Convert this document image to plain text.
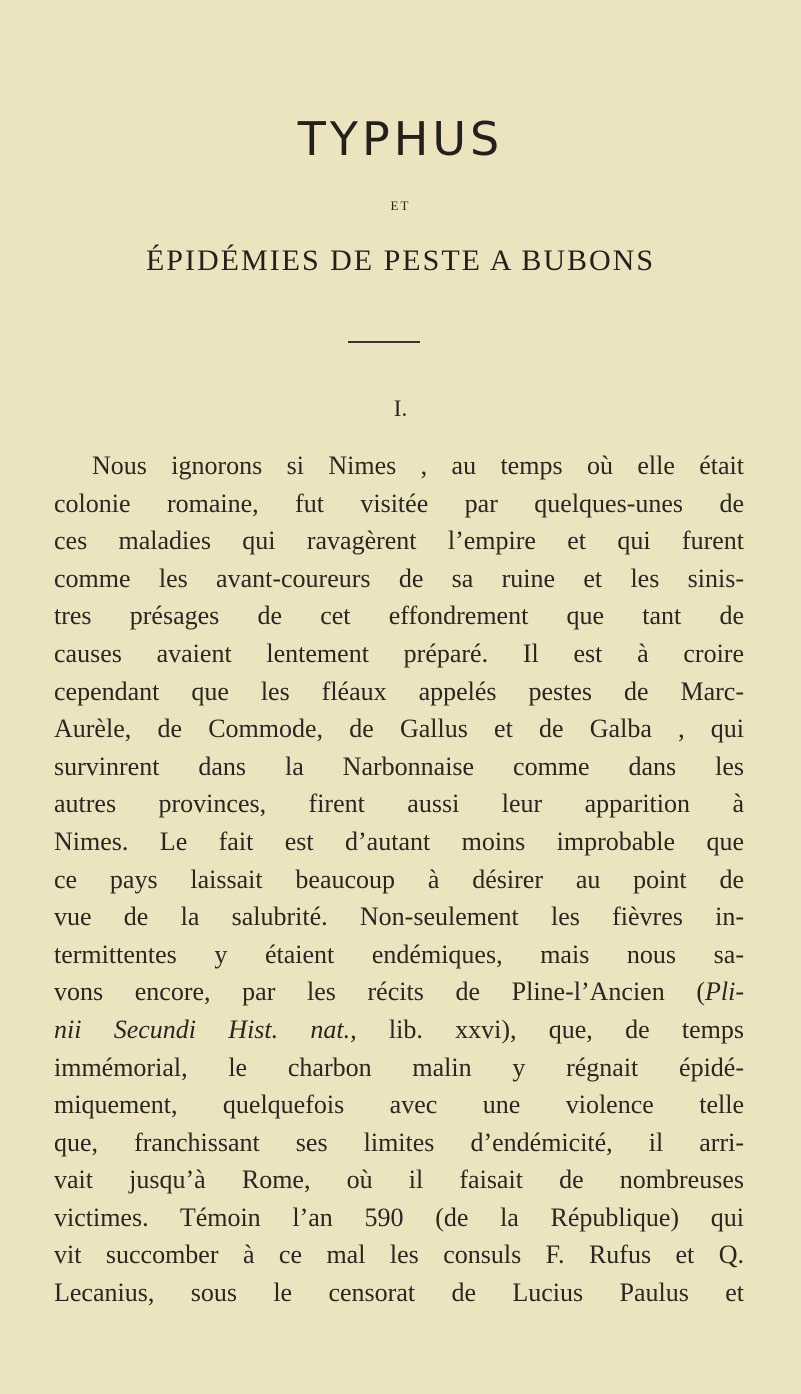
TYPHUS
ET
ÉPIDÉMIES DE PESTE A BUBONS
I.
Nous ignorons si Nimes , au temps où elle était
colonie romaine, fut visitée par quelques-unes de
ces maladies qui ravagèrent l’empire et qui furent
comme les avant-coureurs de sa ruine et les sinis-
tres présages de cet effondrement que tant de
causes avaient lentement préparé. Il est à croire
cependant que les fléaux appelés pestes de Marc-
Aurèle, de Commode, de Gallus et de Galba , qui
survinrent dans la Narbonnaise comme dans les
autres provinces, firent aussi leur apparition à
Nimes. Le fait est d’autant moins improbable que
ce pays laissait beaucoup à désirer au point de
vue de la salubrité. Non-seulement les fièvres in-
termittentes y étaient endémiques, mais nous sa-
vons encore, par les récits de Pline-l’Ancien (Pli-
nii Secundi Hist. nat., lib. xxvi), que, de temps
immémorial, le charbon malin y régnait épidé-
miquement, quelquefois avec une violence telle
que, franchissant ses limites d’endémicité, il arri-
vait jusqu’à Rome, où il faisait de nombreuses
victimes. Témoin l’an 590 (de la République) qui
vit succomber à ce mal les consuls F. Rufus et Q.
Lecanius, sous le censorat de Lucius Paulus et
